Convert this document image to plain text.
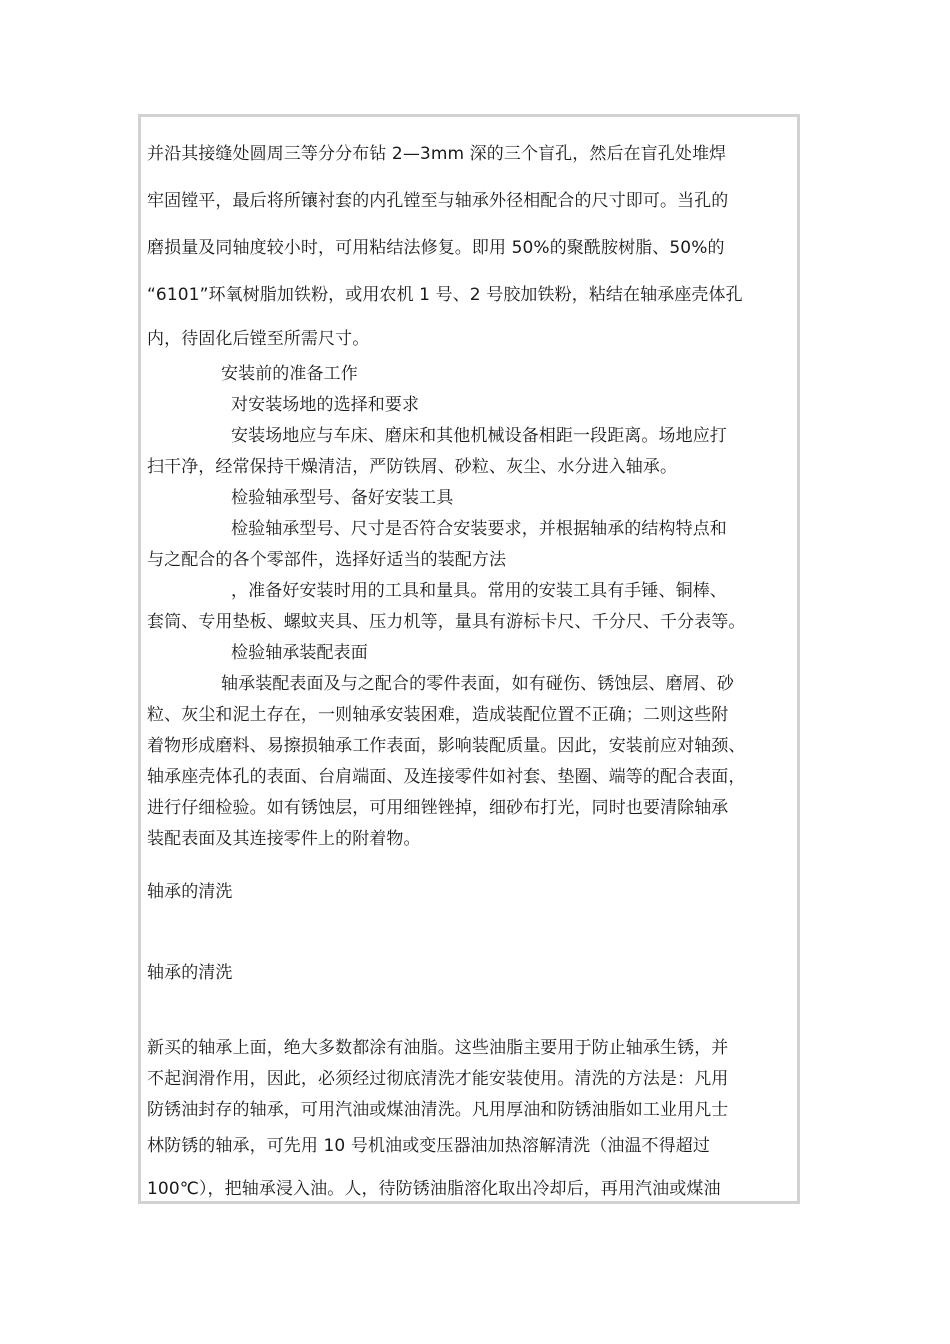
并沿其接缝处圆周三等分分布钻 2—3mm 深的三个盲孔，然后在盲孔处堆焊
牢固镗平，最后将所镶衬套的内孔镗至与轴承外径相配合的尺寸即可。当孔的
磨损量及同轴度较小时，可用粘结法修复。即用 50%的聚酰胺树脂、50%的
“6101”环氧树脂加铁粉，或用农机 1 号、2 号胶加铁粉，粘结在轴承座壳体孔
内，待固化后镗至所需尺寸。
安装前的准备工作
对安装场地的选择和要求
安装场地应与车床、磨床和其他机械设备相距一段距离。场地应打
扫干净，经常保持干燥清洁，严防铁屑、砂粒、灰尘、水分进入轴承。
检验轴承型号、备好安装工具
检验轴承型号、尺寸是否符合安装要求，并根据轴承的结构特点和
与之配合的各个零部件，选择好适当的装配方法
，准备好安装时用的工具和量具。常用的安装工具有手锤、铜棒、
套筒、专用垫板、螺蚊夹具、压力机等，量具有游标卡尺、千分尺、千分表等。
检验轴承装配表面
轴承装配表面及与之配合的零件表面，如有碰伤、锈蚀层、磨屑、砂
粒、灰尘和泥土存在，一则轴承安装困难，造成装配位置不正确；二则这些附
着物形成磨料、易擦损轴承工作表面，影响装配质量。因此，安装前应对轴颈、
轴承座壳体孔的表面、台肩端面、及连接零件如衬套、垫圈、端等的配合表面，
进行仔细检验。如有锈蚀层，可用细锉锉掉，细砂布打光，同时也要清除轴承
装配表面及其连接零件上的附着物。
轴承的清洗
轴承的清洗
新买的轴承上面，绝大多数都涂有油脂。这些油脂主要用于防止轴承生锈，并
不起润滑作用，因此，必须经过彻底清洗才能安装使用。清洗的方法是：凡用
防锈油封存的轴承，可用汽油或煤油清洗。凡用厚油和防锈油脂如工业用凡士
林防锈的轴承，可先用 10 号机油或变压器油加热溶解清洗（油温不得超过
100℃），把轴承浸入油。人，待防锈油脂溶化取出冷却后，再用汽油或煤油
